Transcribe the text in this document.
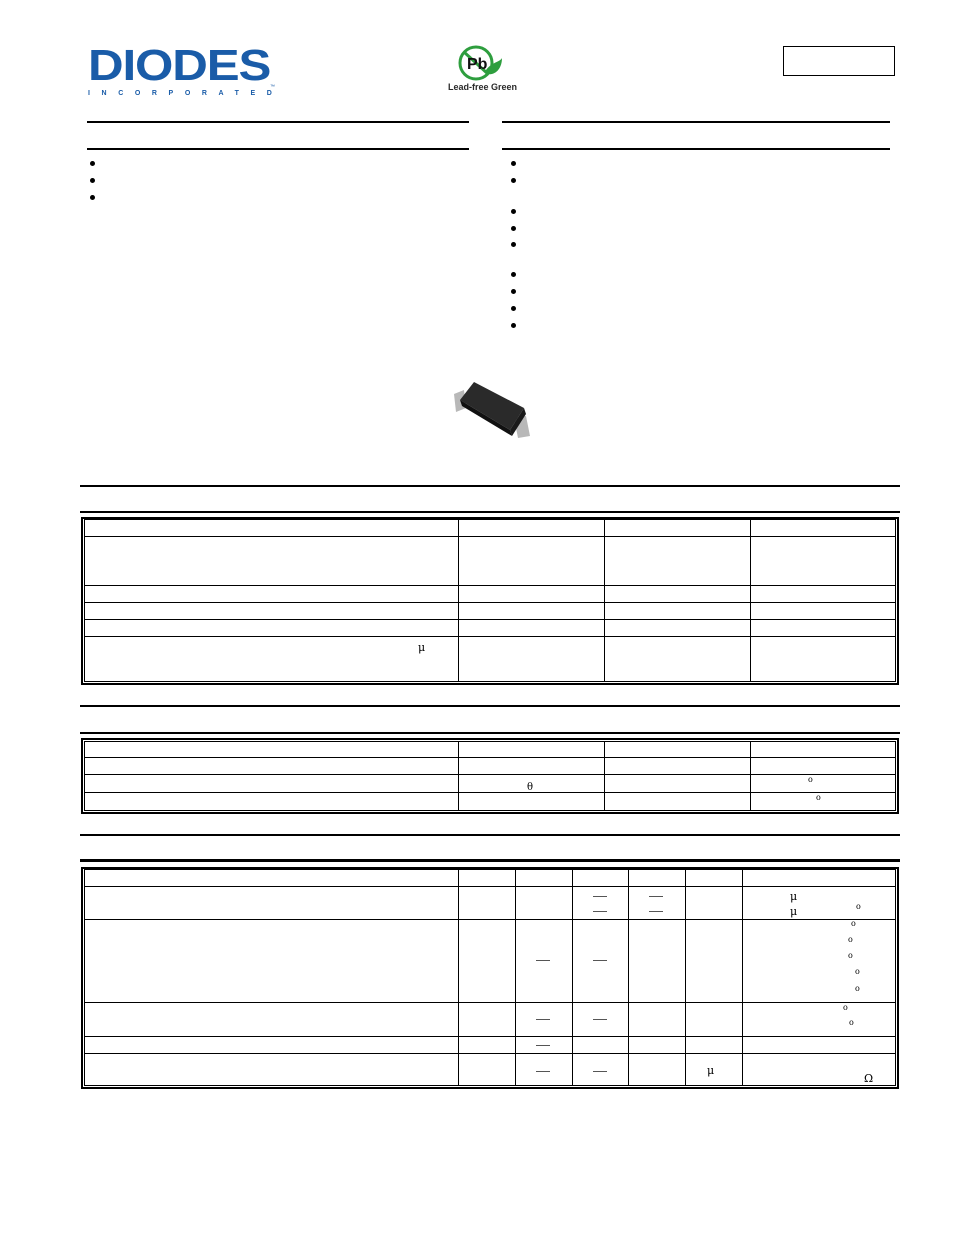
DIODES
INCORPORATED
™
Pb
Lead-free Green
μ
θ
o
o
μ
μ	o
o
o
o
o
o
o
o
μ
Ω
